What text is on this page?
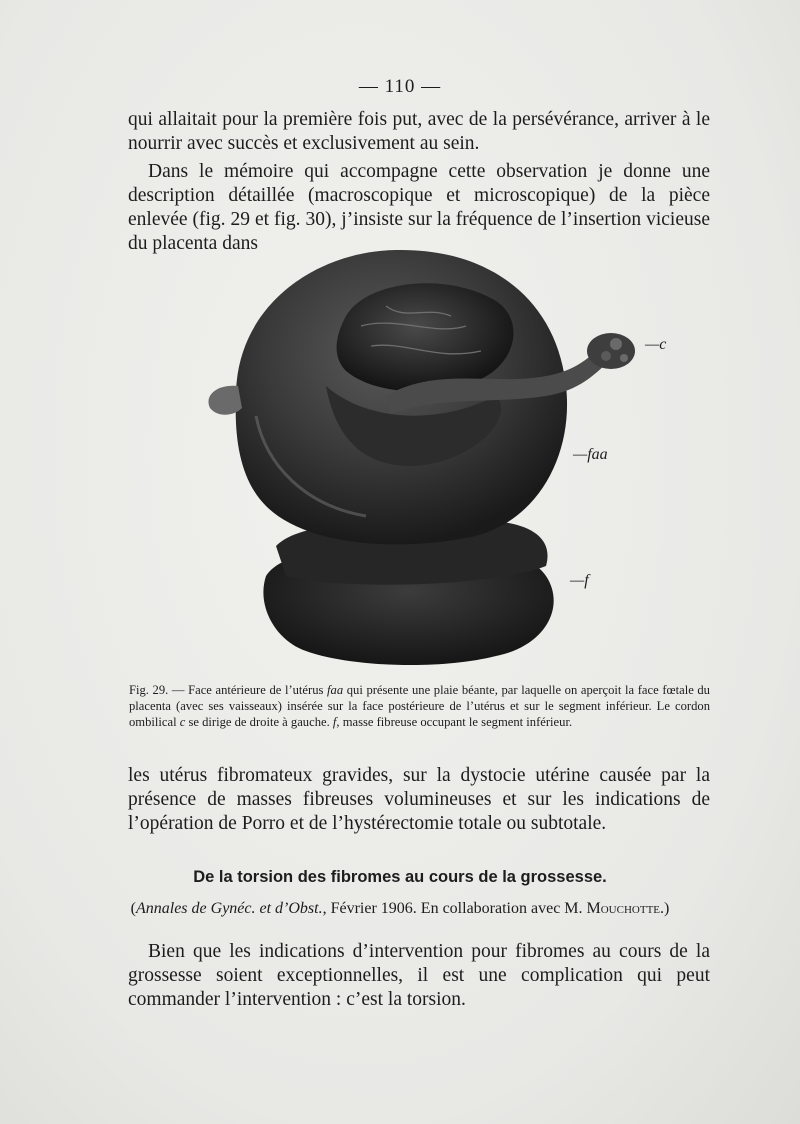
— 110 —

qui allaitait pour la première fois put, avec de la persévérance, arriver à le nourrir avec succès et exclusivement au sein.

Dans le mémoire qui accompagne cette observation je donne une description détaillée (macroscopique et microscopique) de la pièce enlevée (fig. 29 et fig. 30), j’insiste sur la fréquence de l’insertion vicieuse du placenta dans

—c
—faa
—f
Fig. 29. — Face antérieure de l’utérus faa qui présente une plaie béante, par laquelle on aperçoit la face fœtale du placenta (avec ses vaisseaux) insérée sur la face postérieure de l’utérus et sur le segment inférieur. Le cordon ombilical c se dirige de droite à gauche. f, masse fibreuse occupant le segment inférieur.

les utérus fibromateux gravides, sur la dystocie utérine causée par la présence de masses fibreuses volumineuses et sur les indications de l’opération de Porro et de l’hystérectomie totale ou subtotale.

De la torsion des fibromes au cours de la grossesse.
(Annales de Gynéc. et d’Obst., Février 1906. En collaboration avec M. Mouchotte.)

Bien que les indications d’intervention pour fibromes au cours de la grossesse soient exceptionnelles, il est une complication qui peut commander l’intervention : c’est la torsion.
